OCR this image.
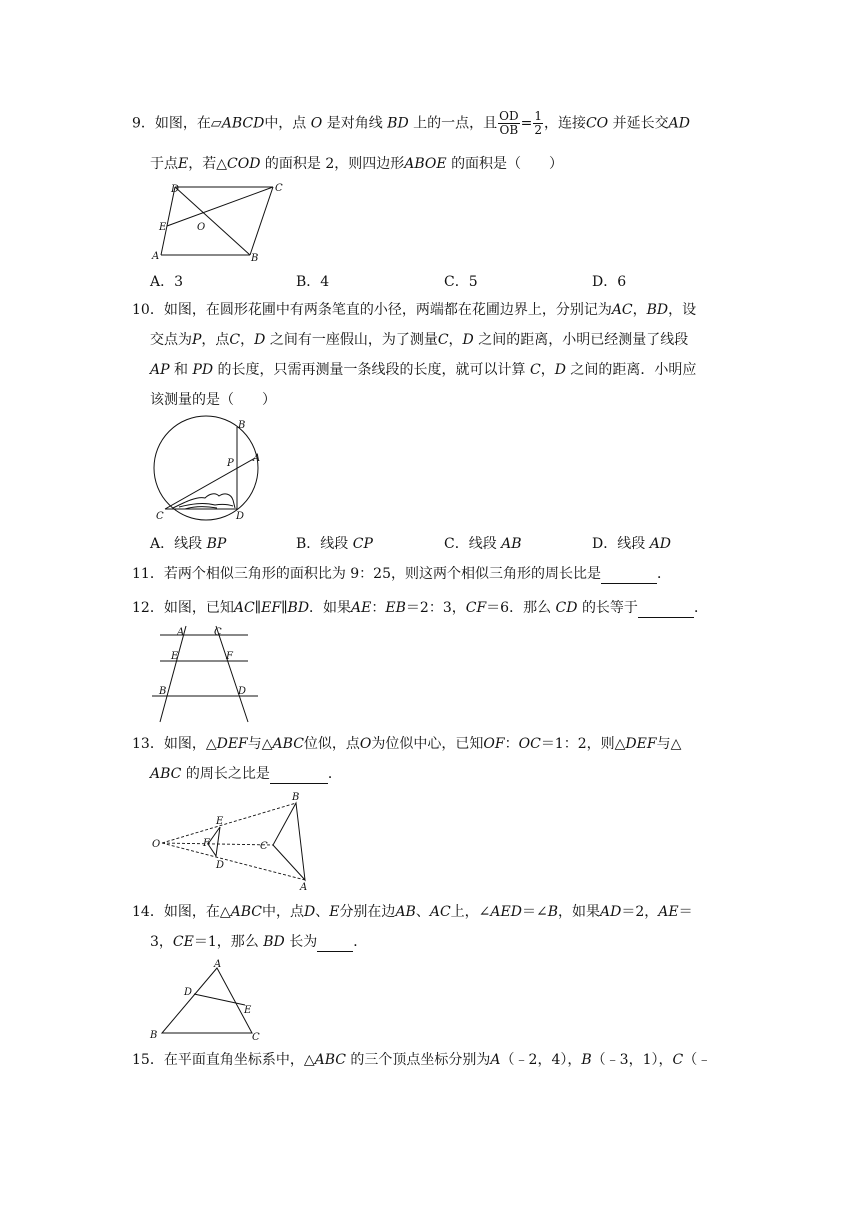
9．如图，在▱ABCD中，点 O 是对角线 BD 上的一点，且 $\frac{OD}{OB} = \frac{1}{2}$ ，连接CO 并延长交AD
于点E，若△COD 的面积是 2，则四边形ABOE 的面积是（　　）
D	C
E	O
A	B
A．3	B．4	C．5	D．6
10．如图，在圆形花圃中有两条笔直的小径，两端都在花圃边界上，分别记为AC，BD，设
交点为P，点C，D 之间有一座假山，为了测量C，D 之间的距离，小明已经测量了线段
AP 和 PD 的长度，只需再测量一条线段的长度，就可以计算 C，D 之间的距离．小明应
该测量的是（　　）
B
A
P
C	D
A．线段 BP	B．线段 CP	C．线段 AB	D．线段 AD
11．若两个相似三角形的面积比为 9：25，则这两个相似三角形的周长比是	．
12．如图，已知AC∥EF∥BD．如果AE：EB＝2：3，CF＝6．那么 CD 的长等于	．
A	C
E	F
B	D
13．如图，△DEF与△ABC位似，点O为位似中心，已知OF：OC＝1：2，则△DEF与△
ABC 的周长之比是	．
O
E
F
D
B
C
A
14．如图，在△ABC中，点D、E分别在边AB、AC上，∠AED＝∠B，如果AD＝2，AE＝
3，CE＝1，那么 BD 长为	．
A
D
E
B	C
15．在平面直角坐标系中，△ABC 的三个顶点坐标分别为A（﹣2，4），B（﹣3，1），C（﹣
